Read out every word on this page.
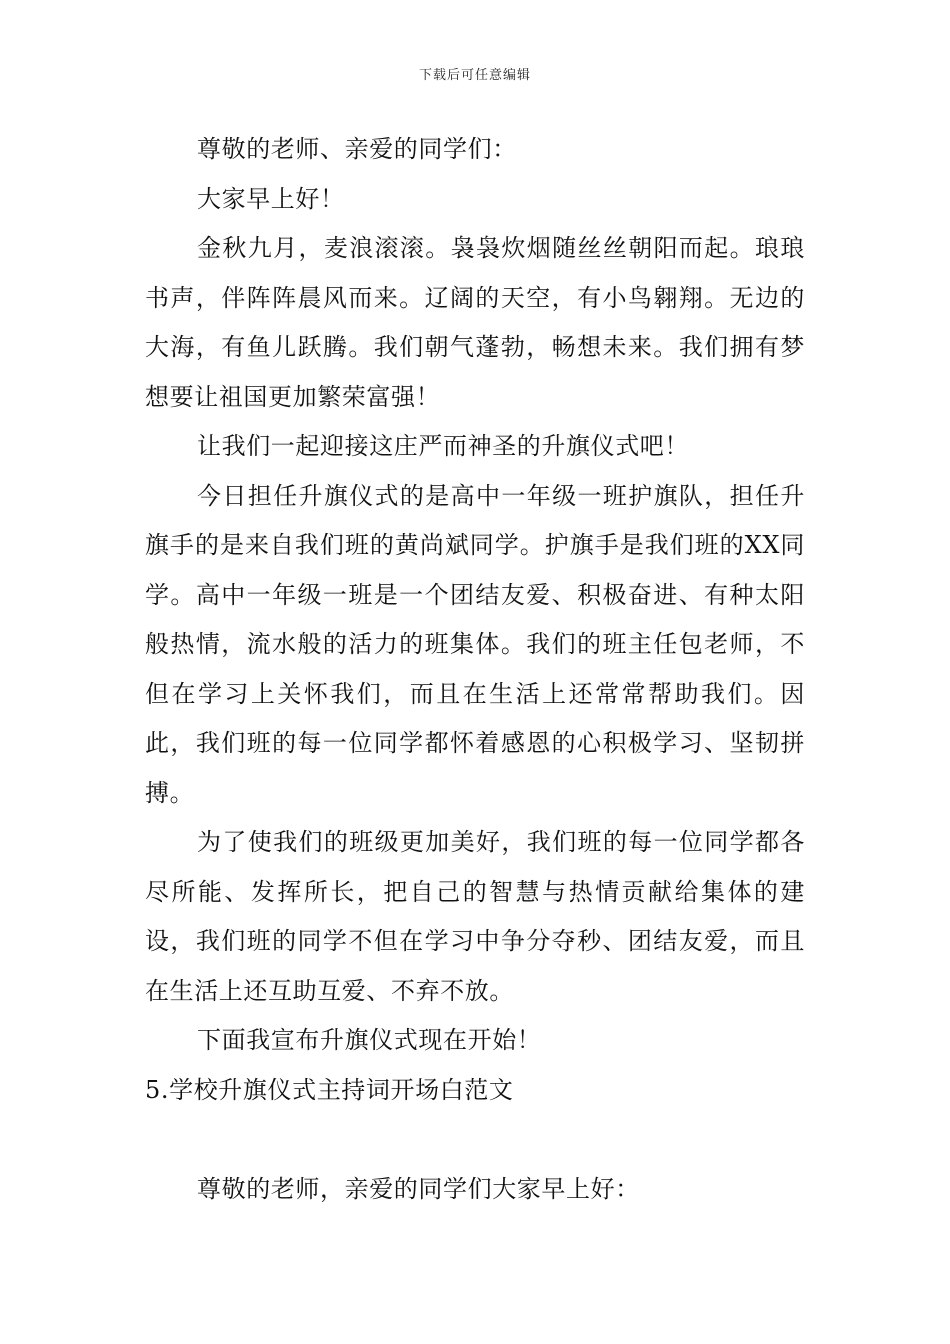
下载后可任意编辑

尊敬的老师、亲爱的同学们：

大家早上好！

金秋九月，麦浪滚滚。袅袅炊烟随丝丝朝阳而起。琅琅书声，伴阵阵晨风而来。辽阔的天空，有小鸟翱翔。无边的大海，有鱼儿跃腾。我们朝气蓬勃，畅想未来。我们拥有梦想要让祖国更加繁荣富强！

让我们一起迎接这庄严而神圣的升旗仪式吧！

今日担任升旗仪式的是高中一年级一班护旗队，担任升旗手的是来自我们班的黄尚斌同学。护旗手是我们班的XX同学。高中一年级一班是一个团结友爱、积极奋进、有种太阳般热情，流水般的活力的班集体。我们的班主任包老师，不但在学习上关怀我们，而且在生活上还常常帮助我们。因此，我们班的每一位同学都怀着感恩的心积极学习、坚韧拼搏。

为了使我们的班级更加美好，我们班的每一位同学都各尽所能、发挥所长，把自己的智慧与热情贡献给集体的建设，我们班的同学不但在学习中争分夺秒、团结友爱，而且在生活上还互助互爱、不弃不放。

下面我宣布升旗仪式现在开始！

5.学校升旗仪式主持词开场白范文

尊敬的老师，亲爱的同学们大家早上好：
